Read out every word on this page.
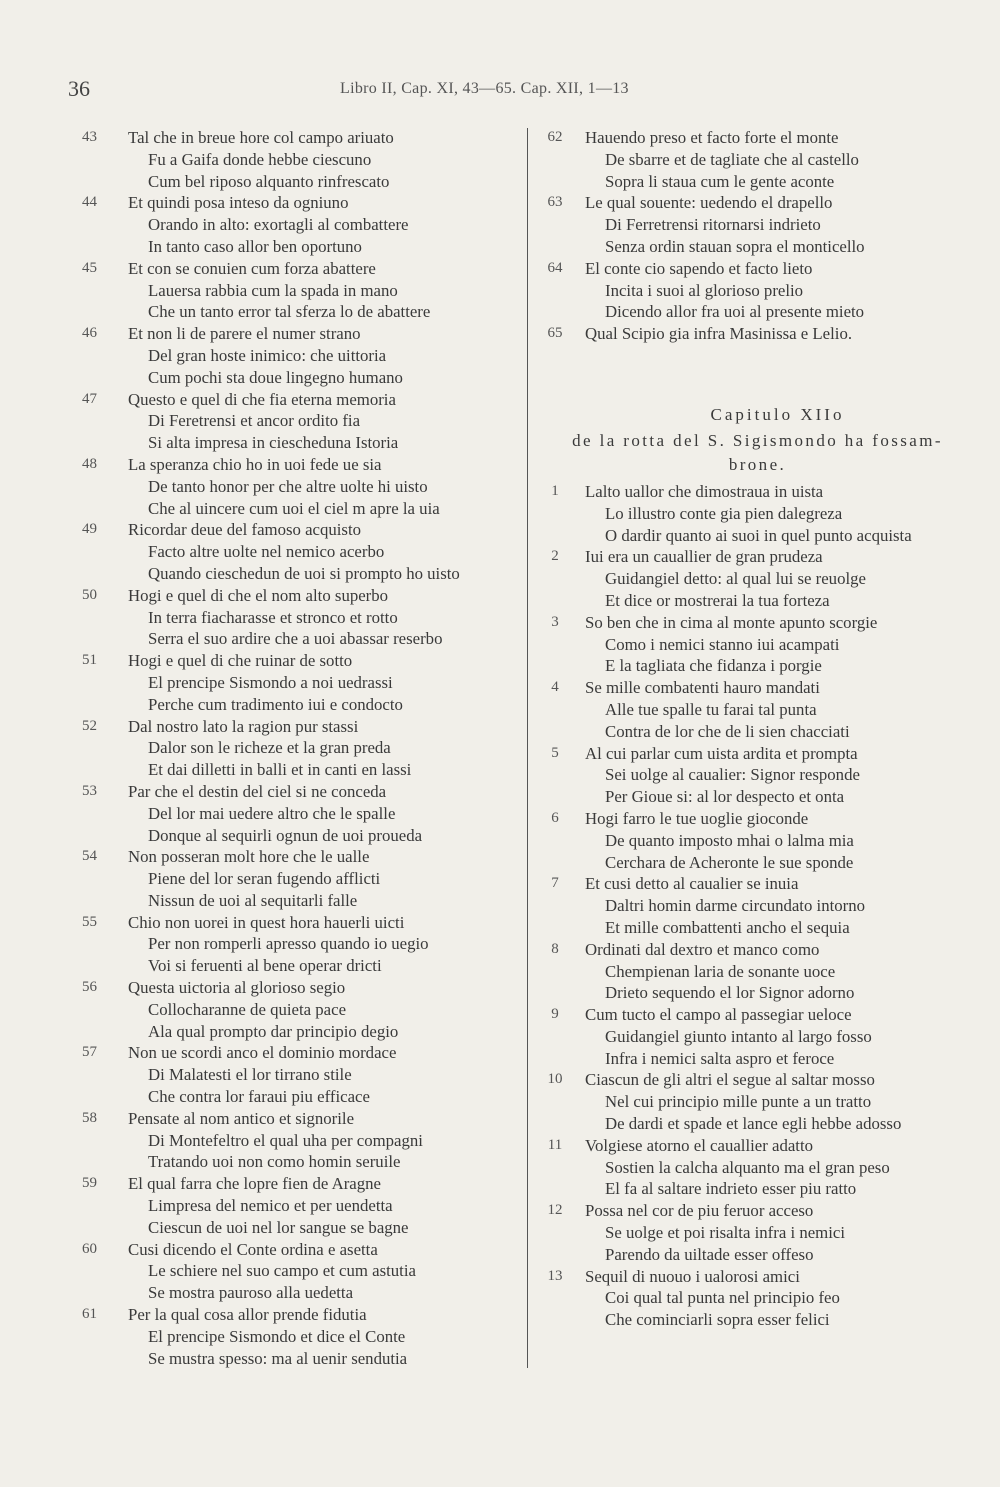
36	Libro II, Cap. XI, 43—65. Cap. XII, 1—13
43	Tal che in breue hore col campo ariuato
Fu a Gaifa donde hebbe ciescuno
Cum bel riposo alquanto rinfrescato
44	Et quindi posa inteso da ogniuno
Orando in alto: exortagli al combattere
In tanto caso allor ben oportuno
45	Et con se conuien cum forza abattere
Lauersa rabbia cum la spada in mano
Che un tanto error tal sferza lo de abattere
46	Et non li de parere el numer strano
Del gran hoste inimico: che uittoria
Cum pochi sta doue lingegno humano
47	Questo e quel di che fia eterna memoria
Di Feretrensi et ancor ordito fia
Si alta impresa in ciescheduna Istoria
48	La speranza chio ho in uoi fede ue sia
De tanto honor per che altre uolte hi uisto
Che al uincere cum uoi el ciel m apre la uia
49	Ricordar deue del famoso acquisto
Facto altre uolte nel nemico acerbo
Quando cieschedun de uoi si prompto ho uisto
50	Hogi e quel di che el nom alto superbo
In terra fiacharasse et stronco et rotto
Serra el suo ardire che a uoi abassar reserbo
51	Hogi e quel di che ruinar de sotto
El prencipe Sismondo a noi uedrassi
Perche cum tradimento iui e condocto
52	Dal nostro lato la ragion pur stassi
Dalor son le richeze et la gran preda
Et dai dilletti in balli et in canti en lassi
53	Par che el destin del ciel si ne conceda
Del lor mai uedere altro che le spalle
Donque al sequirli ognun de uoi proueda
54	Non posseran molt hore che le ualle
Piene del lor seran fugendo afflicti
Nissun de uoi al sequitarli falle
55	Chio non uorei in quest hora hauerli uicti
Per non romperli apresso quando io uegio
Voi si feruenti al bene operar dricti
56	Questa uictoria al glorioso segio
Collocharanne de quieta pace
Ala qual prompto dar principio degio
57	Non ue scordi anco el dominio mordace
Di Malatesti el lor tirrano stile
Che contra lor faraui piu efficace
58	Pensate al nom antico et signorile
Di Montefeltro el qual uha per compagni
Tratando uoi non como homin seruile
59	El qual farra che lopre fien de Aragne
Limpresa del nemico et per uendetta
Ciescun de uoi nel lor sangue se bagne
60	Cusi dicendo el Conte ordina e asetta
Le schiere nel suo campo et cum astutia
Se mostra pauroso alla uedetta
61	Per la qual cosa allor prende fidutia
El prencipe Sismondo et dice el Conte
Se mustra spesso: ma al uenir sendutia
62	Hauendo preso et facto forte el monte
De sbarre et de tagliate che al castello
Sopra li staua cum le gente aconte
63	Le qual souente: uedendo el drapello
Di Ferretrensi ritornarsi indrieto
Senza ordin stauan sopra el monticello
64	El conte cio sapendo et facto lieto
Incita i suoi al glorioso prelio
Dicendo allor fra uoi al presente mieto
65	Qual Scipio gia infra Masinissa e Lelio.
Capitulo XIIo
de la rotta del S. Sigismondo ha fossam-
brone.
1	Lalto uallor che dimostraua in uista
Lo illustro conte gia pien dalegreza
O dardir quanto ai suoi in quel punto acquista
2	Iui era un cauallier de gran prudeza
Guidangiel detto: al qual lui se reuolge
Et dice or mostrerai la tua forteza
3	So ben che in cima al monte apunto scorgie
Como i nemici stanno iui acampati
E la tagliata che fidanza i porgie
4	Se mille combatenti hauro mandati
Alle tue spalle tu farai tal punta
Contra de lor che de li sien chacciati
5	Al cui parlar cum uista ardita et prompta
Sei uolge al caualier: Signor responde
Per Gioue si: al lor despecto et onta
6	Hogi farro le tue uoglie gioconde
De quanto imposto mhai o lalma mia
Cerchara de Acheronte le sue sponde
7	Et cusi detto al caualier se inuia
Daltri homin darme circundato intorno
Et mille combattenti ancho el sequia
8	Ordinati dal dextro et manco como
Chempienan laria de sonante uoce
Drieto sequendo el lor Signor adorno
9	Cum tucto el campo al passegiar ueloce
Guidangiel giunto intanto al largo fosso
Infra i nemici salta aspro et feroce
10	Ciascun de gli altri el segue al saltar mosso
Nel cui principio mille punte a un tratto
De dardi et spade et lance egli hebbe adosso
11	Volgiese atorno el cauallier adatto
Sostien la calcha alquanto ma el gran peso
El fa al saltare indrieto esser piu ratto
12	Possa nel cor de piu feruor acceso
Se uolge et poi risalta infra i nemici
Parendo da uiltade esser offeso
13	Sequil di nuouo i ualorosi amici
Coi qual tal punta nel principio feo
Che cominciarli sopra esser felici
